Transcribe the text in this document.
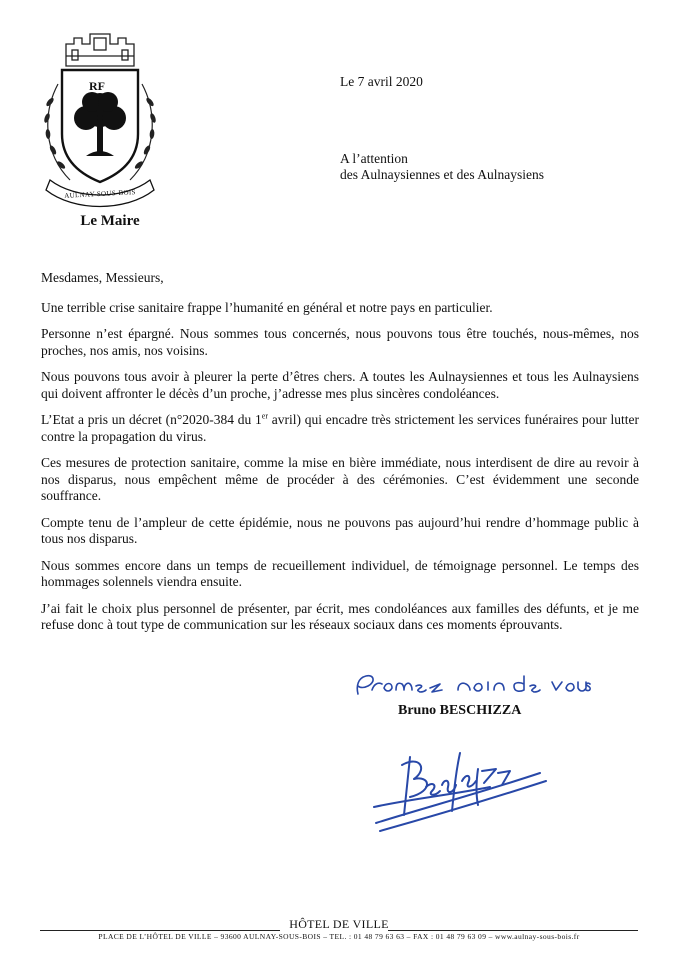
RF
AULNAY-SOUS-BOIS
Le Maire
Le 7 avril 2020
A l’attention
des Aulnaysiennes et des Aulnaysiens

Mesdames, Messieurs,

Une terrible crise sanitaire frappe l’humanité en général et notre pays en particulier.

Personne n’est épargné. Nous sommes tous concernés, nous pouvons tous être touchés, nous-mêmes, nos proches, nos amis, nos voisins.

Nous pouvons tous avoir à pleurer la perte d’êtres chers. A toutes les Aulnaysiennes et tous les Aulnaysiens qui doivent affronter le décès d’un proche, j’adresse mes plus sincères condoléances.

L’Etat a pris un décret (n°2020-384 du 1er avril) qui encadre très strictement les services funéraires pour lutter contre la propagation du virus.

Ces mesures de protection sanitaire, comme la mise en bière immédiate, nous interdisent de dire au revoir à nos disparus, nous empêchent même de procéder à des cérémonies. C’est évidemment une seconde souffrance.

Compte tenu de l’ampleur de cette épidémie, nous ne pouvons pas aujourd’hui rendre d’hommage public à tous nos disparus.

Nous sommes encore dans un temps de recueillement individuel, de témoignage personnel. Le temps des hommages solennels viendra ensuite.

J’ai fait le choix plus personnel de présenter, par écrit, mes condoléances aux familles des défunts, et je me refuse donc à tout type de communication sur les réseaux sociaux dans ces moments éprouvants.

Prenez soin de vous.
Bruno BESCHIZZA
HÔTEL DE VILLE
PLACE DE L’HÔTEL DE VILLE – 93600 AULNAY-SOUS-BOIS – TEL. : 01 48 79 63 63 – FAX : 01 48 79 63 09 – www.aulnay-sous-bois.fr
